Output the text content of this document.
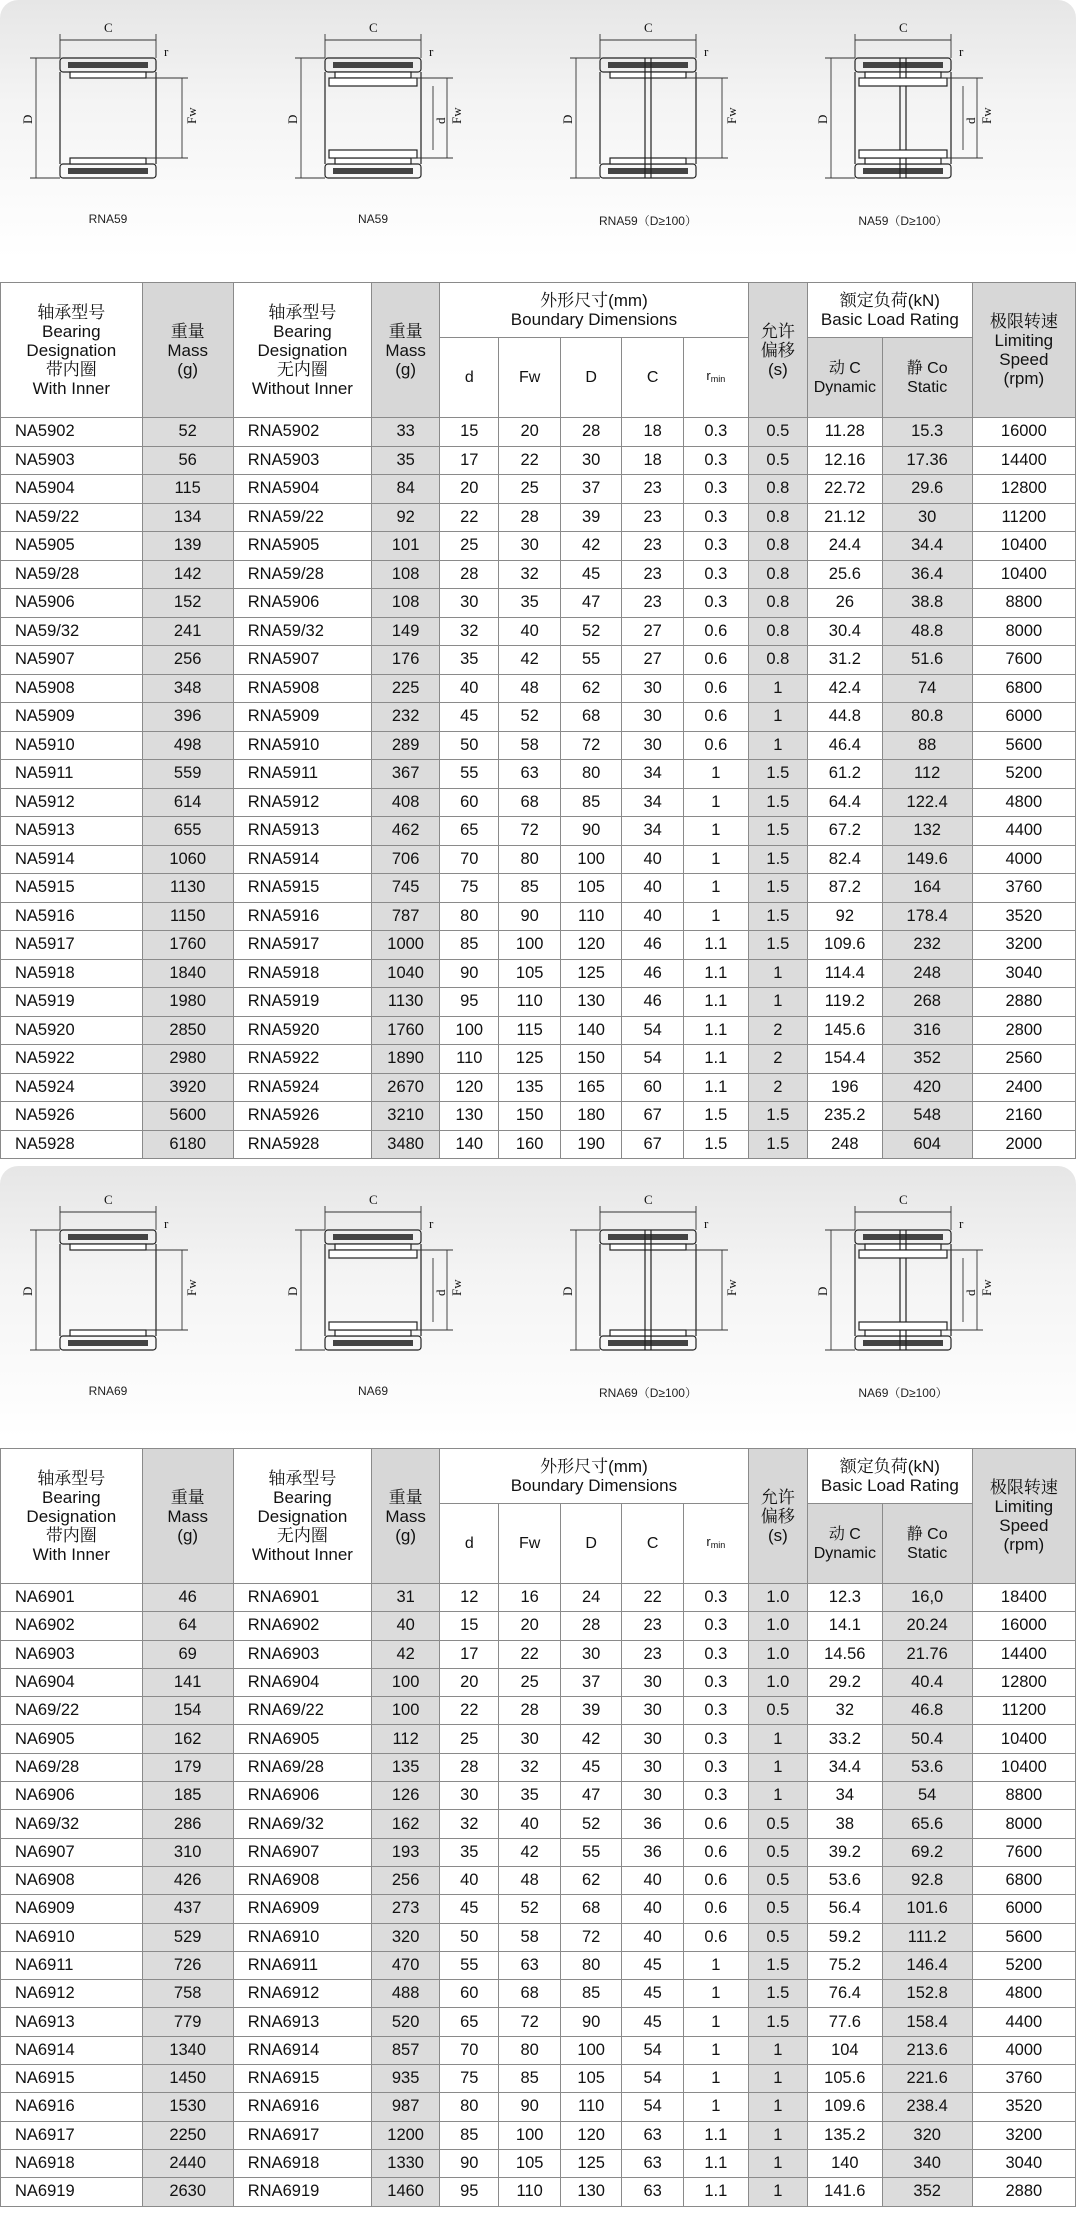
C
r
D	Fw
RNA59
C
r
D	Fw
d
NA59
C
r
D	Fw
RNA59（D≥100）
C
r
D	Fw
d
NA59（D≥100）
轴承型号
Bearing
Designation
带内圈
With Inner	重量
Mass
(g)	轴承型号
Bearing
Designation
无内圈
Without Inner	重量
Mass
(g)	外形尺寸(mm)
Boundary Dimensions					允许
偏移
(s)	额定负荷(kN)
Basic Load Rating		极限转速
Limiting
Speed
(rpm)

				d	Fw	D	C	$r_{min}$		动 C
Dynamic	静 Co
Static	

NA5902	52	RNA5902	33	15	20	28	18	0.3	0.5	11.28	15.3	16000
NA5903	56	RNA5903	35	17	22	30	18	0.3	0.5	12.16	17.36	14400
NA5904	115	RNA5904	84	20	25	37	23	0.3	0.8	22.72	29.6	12800
NA59/22	134	RNA59/22	92	22	28	39	23	0.3	0.8	21.12	30	11200
NA5905	139	RNA5905	101	25	30	42	23	0.3	0.8	24.4	34.4	10400
NA59/28	142	RNA59/28	108	28	32	45	23	0.3	0.8	25.6	36.4	10400
NA5906	152	RNA5906	108	30	35	47	23	0.3	0.8	26	38.8	8800
NA59/32	241	RNA59/32	149	32	40	52	27	0.6	0.8	30.4	48.8	8000
NA5907	256	RNA5907	176	35	42	55	27	0.6	0.8	31.2	51.6	7600
NA5908	348	RNA5908	225	40	48	62	30	0.6	1	42.4	74	6800
NA5909	396	RNA5909	232	45	52	68	30	0.6	1	44.8	80.8	6000
NA5910	498	RNA5910	289	50	58	72	30	0.6	1	46.4	88	5600
NA5911	559	RNA5911	367	55	63	80	34	1	1.5	61.2	112	5200
NA5912	614	RNA5912	408	60	68	85	34	1	1.5	64.4	122.4	4800
NA5913	655	RNA5913	462	65	72	90	34	1	1.5	67.2	132	4400
NA5914	1060	RNA5914	706	70	80	100	40	1	1.5	82.4	149.6	4000
NA5915	1130	RNA5915	745	75	85	105	40	1	1.5	87.2	164	3760
NA5916	1150	RNA5916	787	80	90	110	40	1	1.5	92	178.4	3520
NA5917	1760	RNA5917	1000	85	100	120	46	1.1	1.5	109.6	232	3200
NA5918	1840	RNA5918	1040	90	105	125	46	1.1	1	114.4	248	3040
NA5919	1980	RNA5919	1130	95	110	130	46	1.1	1	119.2	268	2880
NA5920	2850	RNA5920	1760	100	115	140	54	1.1	2	145.6	316	2800
NA5922	2980	RNA5922	1890	110	125	150	54	1.1	2	154.4	352	2560
NA5924	3920	RNA5924	2670	120	135	165	60	1.1	2	196	420	2400
NA5926	5600	RNA5926	3210	130	150	180	67	1.5	1.5	235.2	548	2160
NA5928	6180	RNA5928	3480	140	160	190	67	1.5	1.5	248	604	2000
C
r
D	Fw
RNA69
C
r
D	Fw
d
NA69
C
r
D	Fw
RNA69（D≥100）
C
r
D	Fw
d
NA69（D≥100）
轴承型号
Bearing
Designation
带内圈
With Inner	重量
Mass
(g)	轴承型号
Bearing
Designation
无内圈
Without Inner	重量
Mass
(g)	外形尺寸(mm)
Boundary Dimensions					允许
偏移
(s)	额定负荷(kN)
Basic Load Rating		极限转速
Limiting
Speed
(rpm)

				d	Fw	D	C	$r_{min}$		动 C
Dynamic	静 Co
Static	

NA6901	46	RNA6901	31	12	16	24	22	0.3	1.0	12.3	16,0	18400
NA6902	64	RNA6902	40	15	20	28	23	0.3	1.0	14.1	20.24	16000
NA6903	69	RNA6903	42	17	22	30	23	0.3	1.0	14.56	21.76	14400
NA6904	141	RNA6904	100	20	25	37	30	0.3	1.0	29.2	40.4	12800
NA69/22	154	RNA69/22	100	22	28	39	30	0.3	0.5	32	46.8	11200
NA6905	162	RNA6905	112	25	30	42	30	0.3	1	33.2	50.4	10400
NA69/28	179	RNA69/28	135	28	32	45	30	0.3	1	34.4	53.6	10400
NA6906	185	RNA6906	126	30	35	47	30	0.3	1	34	54	8800
NA69/32	286	RNA69/32	162	32	40	52	36	0.6	0.5	38	65.6	8000
NA6907	310	RNA6907	193	35	42	55	36	0.6	0.5	39.2	69.2	7600
NA6908	426	RNA6908	256	40	48	62	40	0.6	0.5	53.6	92.8	6800
NA6909	437	RNA6909	273	45	52	68	40	0.6	0.5	56.4	101.6	6000
NA6910	529	RNA6910	320	50	58	72	40	0.6	0.5	59.2	111.2	5600
NA6911	726	RNA6911	470	55	63	80	45	1	1.5	75.2	146.4	5200
NA6912	758	RNA6912	488	60	68	85	45	1	1.5	76.4	152.8	4800
NA6913	779	RNA6913	520	65	72	90	45	1	1.5	77.6	158.4	4400
NA6914	1340	RNA6914	857	70	80	100	54	1	1	104	213.6	4000
NA6915	1450	RNA6915	935	75	85	105	54	1	1	105.6	221.6	3760
NA6916	1530	RNA6916	987	80	90	110	54	1	1	109.6	238.4	3520
NA6917	2250	RNA6917	1200	85	100	120	63	1.1	1	135.2	320	3200
NA6918	2440	RNA6918	1330	90	105	125	63	1.1	1	140	340	3040
NA6919	2630	RNA6919	1460	95	110	130	63	1.1	1	141.6	352	2880
